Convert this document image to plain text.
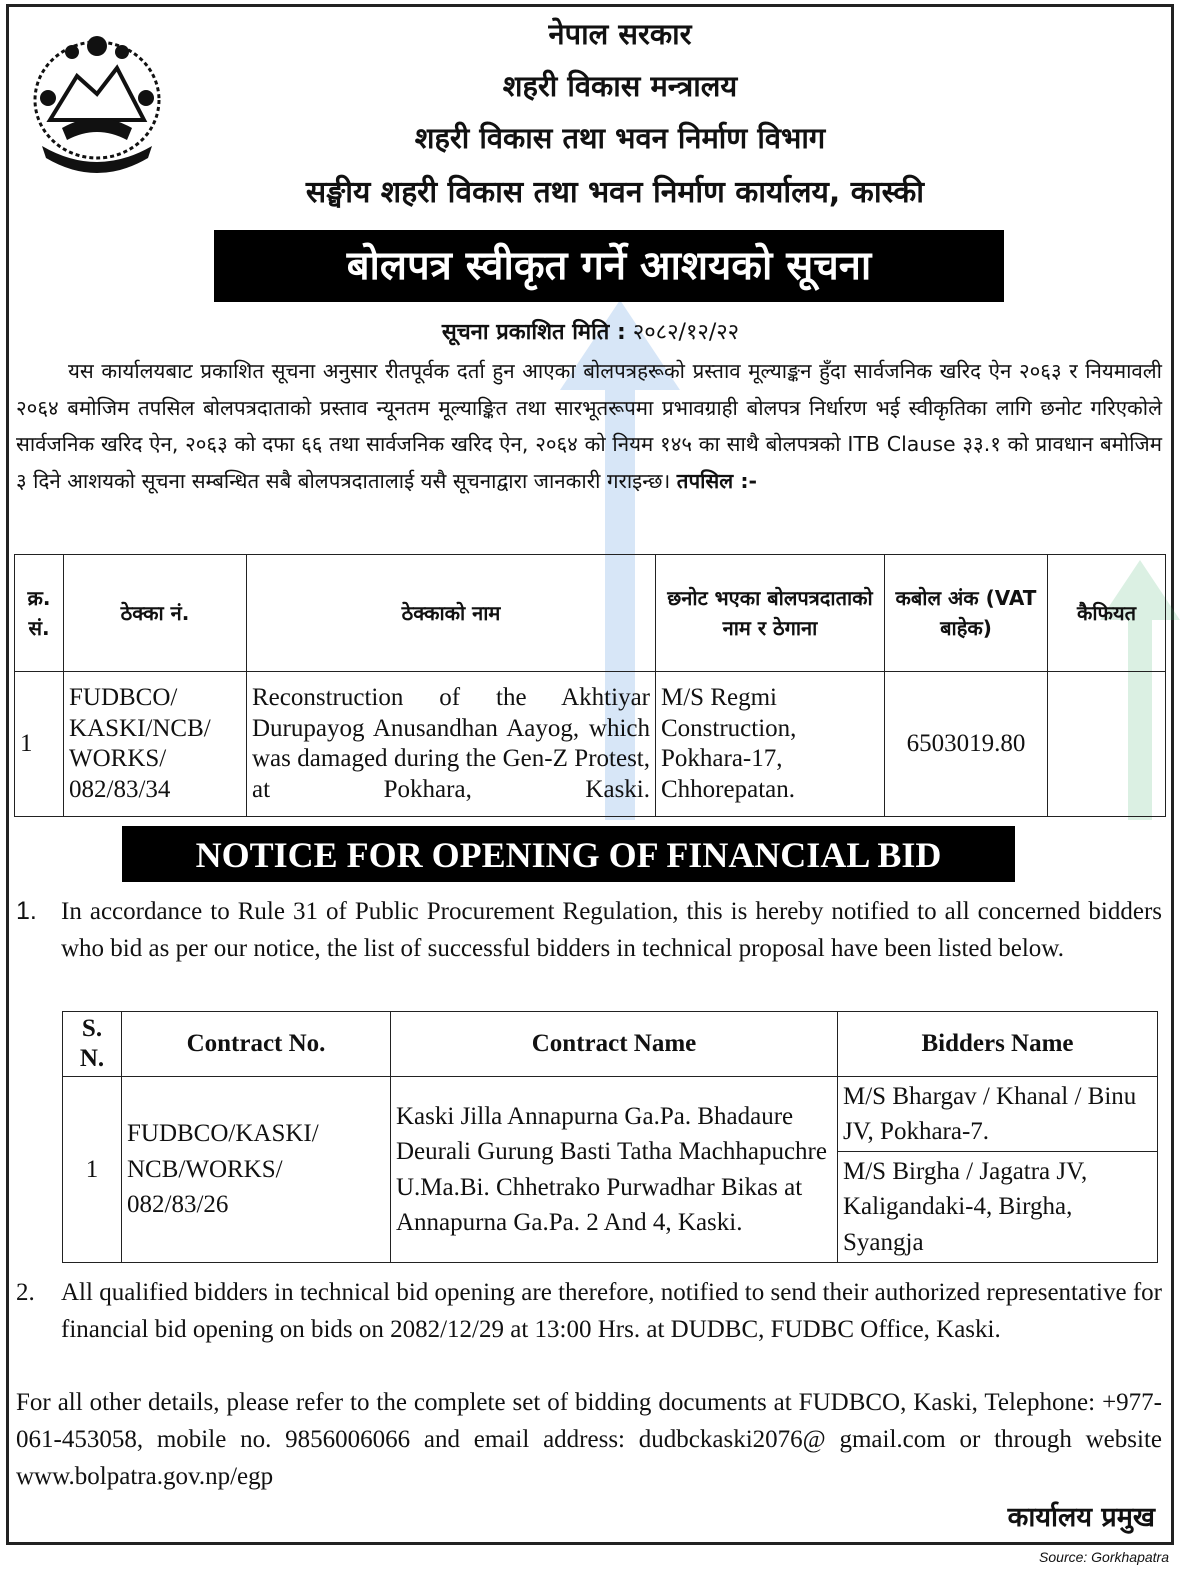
नेपाल सरकार
शहरी विकास मन्त्रालय
शहरी विकास तथा भवन निर्माण विभाग
सङ्घीय शहरी विकास तथा भवन निर्माण कार्यालय, कास्की
बोलपत्र स्वीकृत गर्ने आशयको सूचना
सूचना प्रकाशित मिति : २०८२/१२/२२
यस कार्यालयबाट प्रकाशित सूचना अनुसार रीतपूर्वक दर्ता हुन आएका बोलपत्रहरूको प्रस्ताव मूल्याङ्कन हुँदा सार्वजनिक खरिद ऐन २०६३ र नियमावली २०६४ बमोजिम तपसिल बोलपत्रदाताको प्रस्ताव न्यूनतम मूल्याङ्कित तथा सारभूतरूपमा प्रभावग्राही बोलपत्र निर्धारण भई स्वीकृतिका लागि छनोट गरिएकोले सार्वजनिक खरिद ऐन, २०६३ को दफा ६६ तथा सार्वजनिक खरिद ऐन, २०६४ को नियम १४५ का साथै बोलपत्रको ITB Clause ३३.१ को प्रावधान बमोजिम ३ दिने आशयको सूचना सम्बन्धित सबै बोलपत्रदातालाई यसै सूचनाद्वारा जानकारी गराइन्छ। तपसिल :-
क्र. सं.	ठेक्का नं.	ठेक्काको नाम	छनोट भएका बोलपत्रदाताको नाम र ठेगाना	कबोल अंक (VAT बाहेक)	कैफियत
1	FUDBCO/ KASKI/NCB/ WORKS/ 082/83/34	Reconstruction of the Akhtiyar Durupayog Anusandhan Aayog, which was damaged during the Gen-Z Protest, at Pokhara, Kaski.	M/S Regmi Construction, Pokhara-17, Chhorepatan.	6503019.80	
NOTICE FOR OPENING OF FINANCIAL BID
1. In accordance to Rule 31 of Public Procurement Regulation, this is hereby notified to all concerned bidders who bid as per our notice, the list of successful bidders in technical proposal have been listed below.
S. N.	Contract No.	Contract Name	Bidders Name
1	FUDBCO/KASKI/ NCB/WORKS/ 082/83/26	Kaski Jilla Annapurna Ga.Pa. Bhadaure Deurali Gurung Basti Tatha Machhapuchre U.Ma.Bi. Chhetrako Purwadhar Bikas at Annapurna Ga.Pa. 2 And 4, Kaski.	M/S Bhargav / Khanal / Binu JV, Pokhara-7.
			M/S Birgha / Jagatra JV, Kaligandaki-4, Birgha, Syangja
2.	All qualified bidders in technical bid opening are therefore, notified to send their authorized representative for financial bid opening on bids on 2082/12/29 at 13:00 Hrs. at DUDBC, FUDBC Office, Kaski.
For all other details, please refer to the complete set of bidding documents at FUDBCO, Kaski, Telephone: +977-061-453058, mobile no. 9856006066 and email address: dudbckaski2076@ gmail.com or through website www.bolpatra.gov.np/egp
कार्यालय प्रमुख
Source: Gorkhapatra
